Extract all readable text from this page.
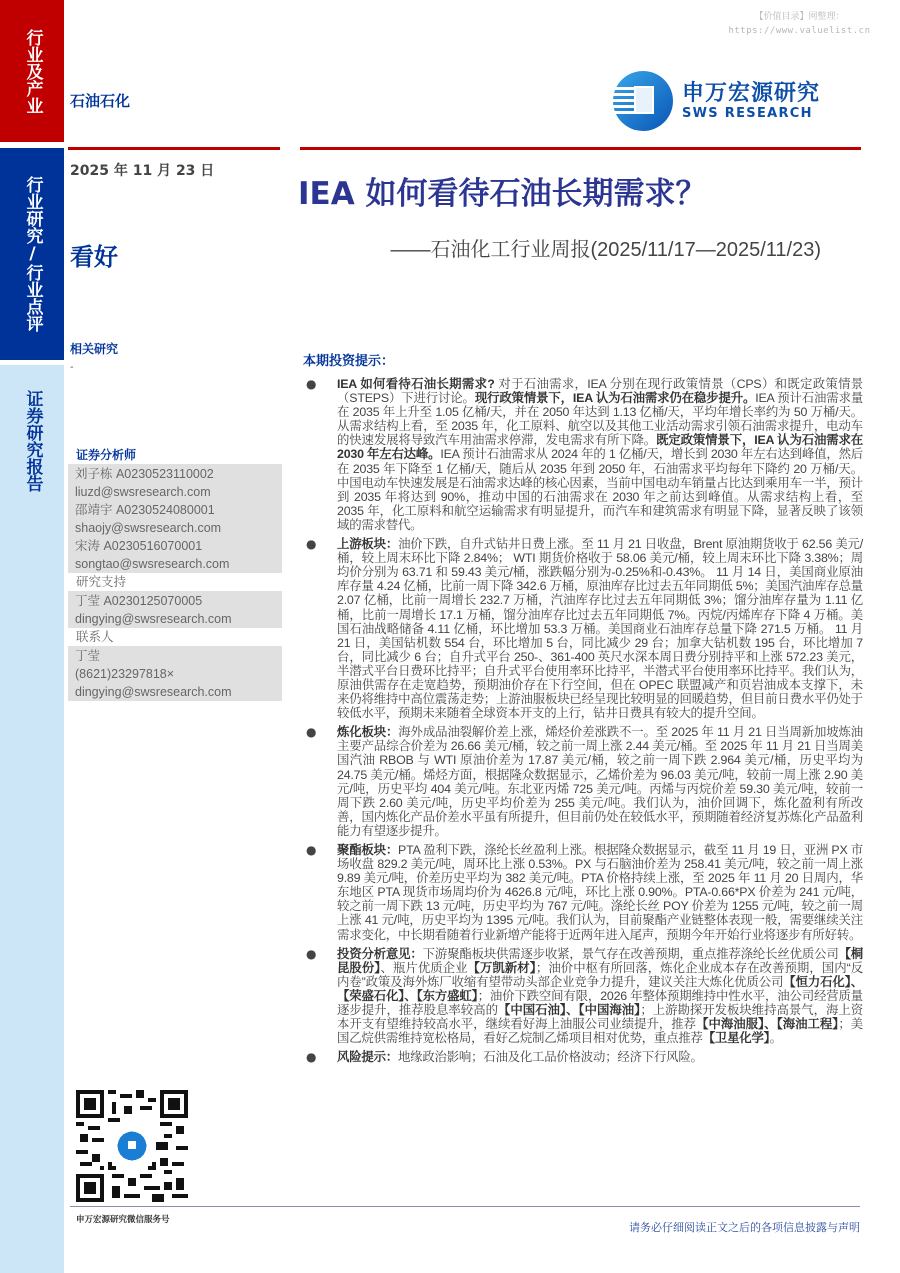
行业及产业
行业研究/行业点评
证券研究报告
石油石化
2025 年 11 月 23 日
看好
相关研究
-
证券分析师
刘子栋 A0230523110002
liuzd@swsresearch.com
邵靖宇 A0230524080001
shaojy@swsresearch.com
宋涛 A0230516070001
songtao@swsresearch.com
研究支持
丁莹 A0230125070005
dingying@swsresearch.com
联系人
丁莹
(8621)23297818×
dingying@swsresearch.com
申万宏源研究微信服务号
【价值目录】网整理：
https://www.valuelist.cn
申万宏源研究
SWS RESEARCH
IEA 如何看待石油长期需求？
——石油化工行业周报(2025/11/17—2025/11/23)
本期投资提示：
●	IEA 如何看待石油长期需求? 对于石油需求，IEA 分别在现行政策情景（CPS）和既定政策情景（STEPS）下进行讨论。现行政策情景下，IEA 认为石油需求仍在稳步提升。IEA 预计石油需求量在 2035 年上升至 1.05 亿桶/天，并在 2050 年达到 1.13 亿桶/天，平均年增长率约为 50 万桶/天。从需求结构上看，至 2035 年，化工原料、航空以及其他工业活动需求引领石油需求提升，电动车的快速发展将导致汽车用油需求停滞，发电需求有所下降。既定政策情景下，IEA 认为石油需求在 2030 年左右达峰。IEA 预计石油需求从 2024 年的 1 亿桶/天，增长到 2030 年左右达到峰值，然后在 2035 年下降至 1 亿桶/天，随后从 2035 年到 2050 年，石油需求平均每年下降约 20 万桶/天。中国电动车快速发展是石油需求达峰的核心因素，当前中国电动车销量占比达到乘用车一半，预计到 2035 年将达到 90%，推动中国的石油需求在 2030 年之前达到峰值。从需求结构上看，至 2035 年，化工原料和航空运输需求有明显提升，而汽车和建筑需求有明显下降，显著反映了该领域的需求替代。
●	上游板块：油价下跌，自升式钻井日费上涨。至 11 月 21 日收盘，Brent 原油期货收于 62.56 美元/桶，较上周末环比下降 2.84%； WTI 期货价格收于 58.06 美元/桶，较上周末环比下降 3.38%；周均价分别为 63.71 和 59.43 美元/桶，涨跌幅分别为-0.25%和-0.43%。 11 月 14 日，美国商业原油库存量 4.24 亿桶，比前一周下降 342.6 万桶，原油库存比过去五年同期低 5%；美国汽油库存总量 2.07 亿桶，比前一周增长 232.7 万桶，汽油库存比过去五年同期低 3%；馏分油库存量为 1.11 亿桶，比前一周增长 17.1 万桶，馏分油库存比过去五年同期低 7%。丙烷/丙烯库存下降 4 万桶。美国石油战略储备 4.11 亿桶，环比增加 53.3 万桶。美国商业石油库存总量下降 271.5 万桶。 11 月 21 日，美国钻机数 554 台，环比增加 5 台，同比减少 29 台；加拿大钻机数 195 台，环比增加 7 台，同比减少 6 台；自升式平台 250-、361-400 英尺水深本周日费分别持平和上涨 572.23 美元，半潜式平台日费环比持平；自升式平台使用率环比持平，半潜式平台使用率环比持平。我们认为，原油供需存在走宽趋势，预期油价存在下行空间，但在 OPEC 联盟减产和页岩油成本支撑下，未来仍将维持中高位震荡走势；上游油服板块已经呈现比较明显的回暖趋势，但目前日费水平仍处于较低水平，预期未来随着全球资本开支的上行，钻井日费具有较大的提升空间。
●	炼化板块：海外成品油裂解价差上涨，烯烃价差涨跌不一。至 2025 年 11 月 21 日当周新加坡炼油主要产品综合价差为 26.66 美元/桶，较之前一周上涨 2.44 美元/桶。至 2025 年 11 月 21 日当周美国汽油 RBOB 与 WTI 原油价差为 17.87 美元/桶，较之前一周下跌 2.964 美元/桶，历史平均为 24.75 美元/桶。烯烃方面，根据隆众数据显示，乙烯价差为 96.03 美元/吨，较前一周上涨 2.90 美元/吨，历史平均 404 美元/吨。东北亚丙烯 725 美元/吨。丙烯与丙烷价差 59.30 美元/吨，较前一周下跌 2.60 美元/吨，历史平均价差为 255 美元/吨。我们认为，油价回调下，炼化盈利有所改善，国内炼化产品价差水平虽有所提升，但目前仍处在较低水平，预期随着经济复苏炼化产品盈利能力有望逐步提升。
●	聚酯板块：PTA 盈利下跌，涤纶长丝盈利上涨。根据隆众数据显示，截至 11 月 19 日，亚洲 PX 市场收盘 829.2 美元/吨，周环比上涨 0.53%。PX 与石脑油价差为 258.41 美元/吨，较之前一周上涨 9.89 美元/吨，价差历史平均为 382 美元/吨。PTA 价格持续上涨，至 2025 年 11 月 20 日周内，华东地区 PTA 现货市场周均价为 4626.8 元/吨，环比上涨 0.90%。PTA-0.66*PX 价差为 241 元/吨，较之前一周下跌 13 元/吨，历史平均为 767 元/吨。涤纶长丝 POY 价差为 1255 元/吨，较之前一周上涨 41 元/吨，历史平均为 1395 元/吨。我们认为，目前聚酯产业链整体表现一般，需要继续关注需求变化，中长期看随着行业新增产能将于近两年进入尾声，预期今年开始行业将逐步有所好转。
●	投资分析意见：下游聚酯板块供需逐步收紧，景气存在改善预期，重点推荐涤纶长丝优质公司【桐昆股份】、瓶片优质企业【万凯新材】；油价中枢有所回落，炼化企业成本存在改善预期，国内“反内卷”政策及海外炼厂收缩有望带动头部企业竞争力提升，建议关注大炼化优质公司【恒力石化】、【荣盛石化】、【东方盛虹】；油价下跌空间有限，2026 年整体预期维持中性水平，油公司经营质量逐步提升，推荐股息率较高的【中国石油】、【中国海油】；上游勘探开发板块维持高景气，海上资本开支有望维持较高水平，继续看好海上油服公司业绩提升，推荐【中海油服】、【海油工程】；美国乙烷供需维持宽松格局，看好乙烷制乙烯项目相对优势，重点推荐【卫星化学】。
●	风险提示：地缘政治影响；石油及化工品价格波动；经济下行风险。
请务必仔细阅读正文之后的各项信息披露与声明
